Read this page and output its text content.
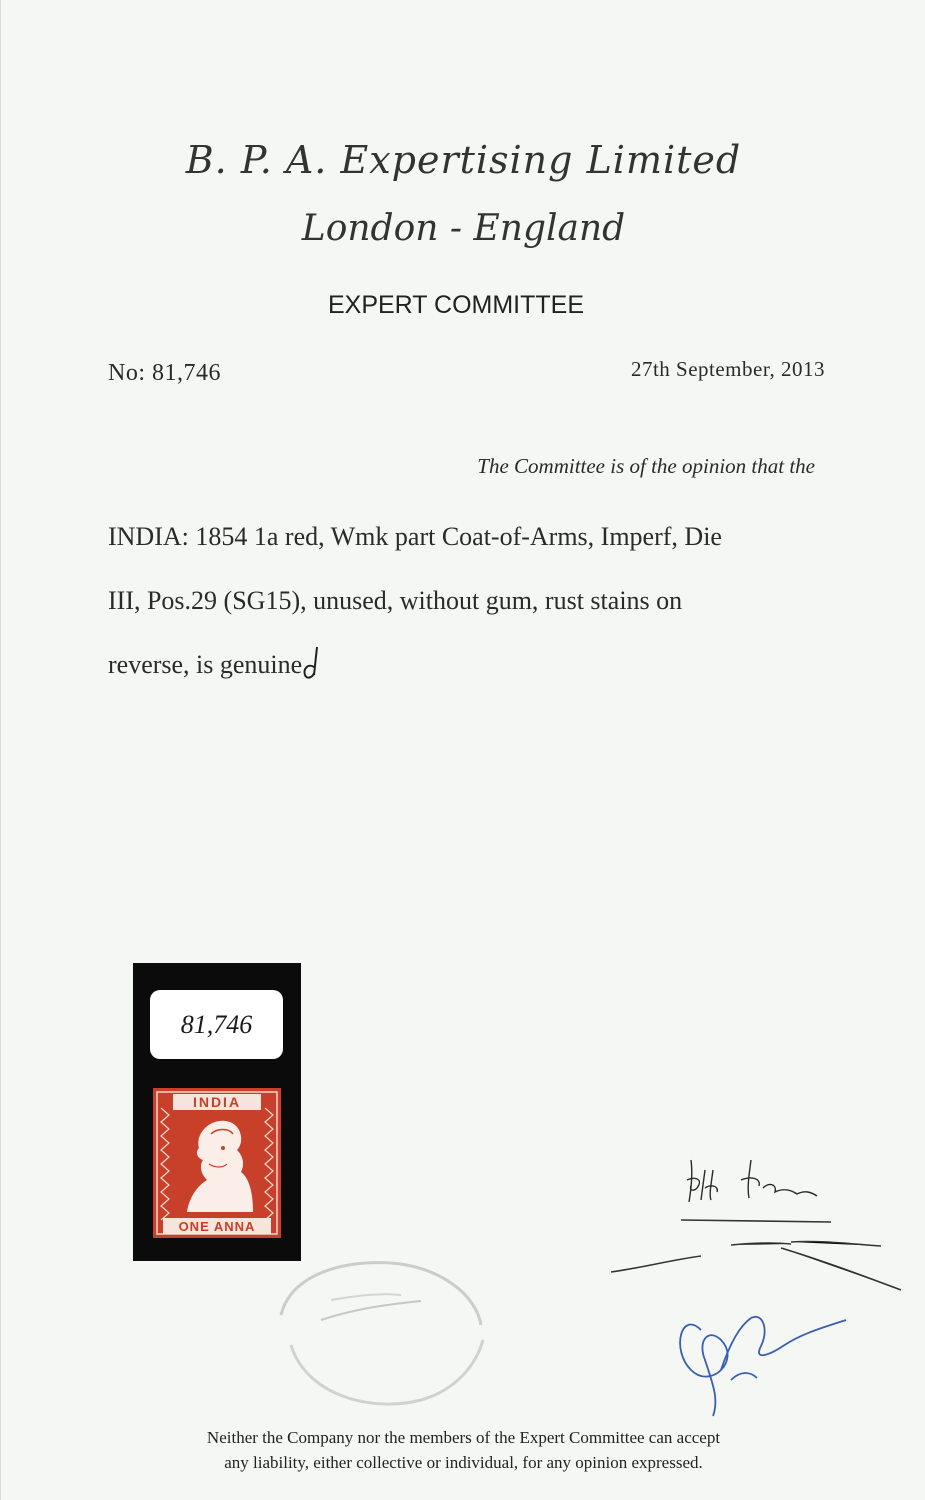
B. P. A. Expertising Limited
London - England
EXPERT COMMITTEE
No: 81,746	27th September, 2013
The Committee is of the opinion that the
INDIA: 1854 1a red, Wmk part Coat-of-Arms, Imperf, Die
III, Pos.29 (SG15), unused, without gum, rust stains on
reverse, is genuine
81,746
INDIA
ONE ANNA
Neither the Company nor the members of the Expert Committee can accept
any liability, either collective or individual, for any opinion expressed.
